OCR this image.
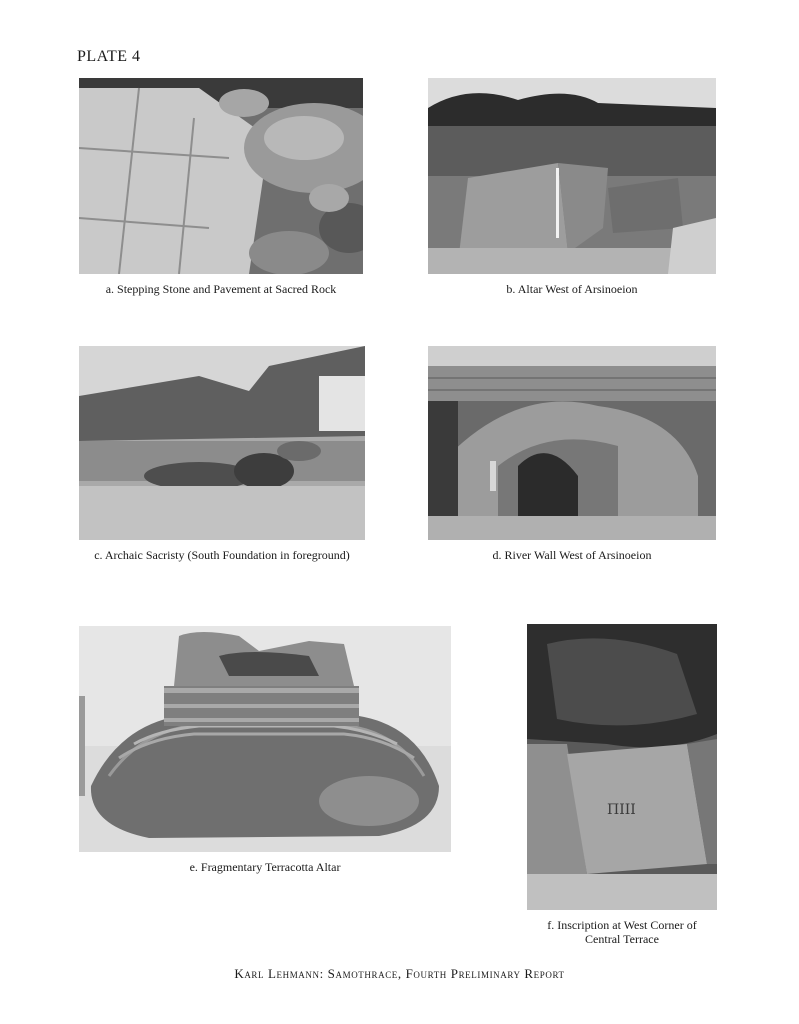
PLATE 4
a. Stepping Stone and Pavement at Sacred Rock	b. Altar West of Arsinoeion
c. Archaic Sacristy (South Foundation in foreground)	d. River Wall West of Arsinoeion
e. Fragmentary Terracotta Altar
ΠΙΙΙ
f. Inscription at West Corner of
Central Terrace
Karl Lehmann: Samothrace, Fourth Preliminary Report
